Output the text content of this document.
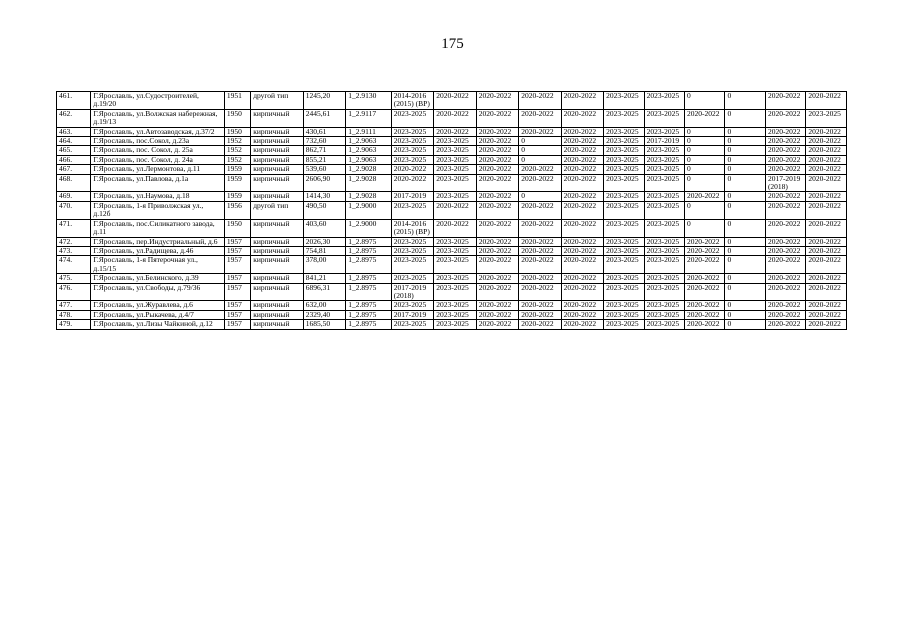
175
461.	Г.Ярославль, ул.Судостроителей, д.19/20	1951	другой тип	1245,20	1_2.9130	2014-2016 (2015) (ВР)	2020-2022	2020-2022	2020-2022	2020-2022	2023-2025	2023-2025	0	0	2020-2022	2020-2022
462.	Г.Ярославль, ул.Волжская набережная, д.19/13	1950	кирпичный	2445,61	1_2.9117	2023-2025	2020-2022	2020-2022	2020-2022	2020-2022	2023-2025	2023-2025	2020-2022	0	2020-2022	2023-2025
463.	Г.Ярославль, ул.Автозаводская, д.37/2	1950	кирпичный	430,61	1_2.9111	2023-2025	2020-2022	2020-2022	2020-2022	2020-2022	2023-2025	2023-2025	0	0	2020-2022	2020-2022
464.	Г.Ярославль, пос.Сокол, д.23а	1952	кирпичный	732,60	1_2.9063	2023-2025	2023-2025	2020-2022	0	2020-2022	2023-2025	2017-2019	0	0	2020-2022	2020-2022
465.	Г.Ярославль, пос. Сокол, д. 25а	1952	кирпичный	862,71	1_2.9063	2023-2025	2023-2025	2020-2022	0	2020-2022	2023-2025	2023-2025	0	0	2020-2022	2020-2022
466.	Г.Ярославль, пос. Сокол, д. 24а	1952	кирпичный	855,21	1_2.9063	2023-2025	2023-2025	2020-2022	0	2020-2022	2023-2025	2023-2025	0	0	2020-2022	2020-2022
467.	Г.Ярославль, ул.Лермонтова, д.11	1959	кирпичный	539,60	1_2.9028	2020-2022	2023-2025	2020-2022	2020-2022	2020-2022	2023-2025	2023-2025	0	0	2020-2022	2020-2022
468.	Г.Ярославль, ул.Павлова, д.1а	1959	кирпичный	2606,90	1_2.9028	2020-2022	2023-2025	2020-2022	2020-2022	2020-2022	2023-2025	2023-2025	0	0	2017-2019 (2018)	2020-2022
469.	Г.Ярославль, ул.Наумова, д.18	1959	кирпичный	1414,30	1_2.9028	2017-2019	2023-2025	2020-2022	0	2020-2022	2023-2025	2023-2025	2020-2022	0	2020-2022	2020-2022
470.	Г.Ярославль, 1-я Приволжская ул., д.12б	1956	другой тип	490,50	1_2.9000	2023-2025	2020-2022	2020-2022	2020-2022	2020-2022	2023-2025	2023-2025	0	0	2020-2022	2020-2022
471.	Г.Ярославль, пос.Силикатного завода, д.11	1950	кирпичный	403,60	1_2.9000	2014-2016 (2015) (ВР)	2020-2022	2020-2022	2020-2022	2020-2022	2023-2025	2023-2025	0	0	2020-2022	2020-2022
472.	Г.Ярославль, пер.Индустриальный, д.6	1957	кирпичный	2026,30	1_2.8975	2023-2025	2023-2025	2020-2022	2020-2022	2020-2022	2023-2025	2023-2025	2020-2022	0	2020-2022	2020-2022
473.	Г.Ярославль, ул.Радищева, д.46	1957	кирпичный	754,81	1_2.8975	2023-2025	2023-2025	2020-2022	2020-2022	2020-2022	2023-2025	2023-2025	2020-2022	0	2020-2022	2020-2022
474.	Г.Ярославль, 1-я Пятерочная ул., д.15/15	1957	кирпичный	378,00	1_2.8975	2023-2025	2023-2025	2020-2022	2020-2022	2020-2022	2023-2025	2023-2025	2020-2022	0	2020-2022	2020-2022
475.	Г.Ярославль, ул.Белинского, д.39	1957	кирпичный	841,21	1_2.8975	2023-2025	2023-2025	2020-2022	2020-2022	2020-2022	2023-2025	2023-2025	2020-2022	0	2020-2022	2020-2022
476.	Г.Ярославль, ул.Свободы, д.79/36	1957	кирпичный	6896,31	1_2.8975	2017-2019 (2018)	2023-2025	2020-2022	2020-2022	2020-2022	2023-2025	2023-2025	2020-2022	0	2020-2022	2020-2022
477.	Г.Ярославль, ул.Журавлева, д.6	1957	кирпичный	632,00	1_2.8975	2023-2025	2023-2025	2020-2022	2020-2022	2020-2022	2023-2025	2023-2025	2020-2022	0	2020-2022	2020-2022
478.	Г.Ярославль, ул.Рыкачева, д.4/7	1957	кирпичный	2329,40	1_2.8975	2017-2019	2023-2025	2020-2022	2020-2022	2020-2022	2023-2025	2023-2025	2020-2022	0	2020-2022	2020-2022
479.	Г.Ярославль, ул.Лизы Чайкиной, д.12	1957	кирпичный	1685,50	1_2.8975	2023-2025	2023-2025	2020-2022	2020-2022	2020-2022	2023-2025	2023-2025	2020-2022	0	2020-2022	2020-2022
